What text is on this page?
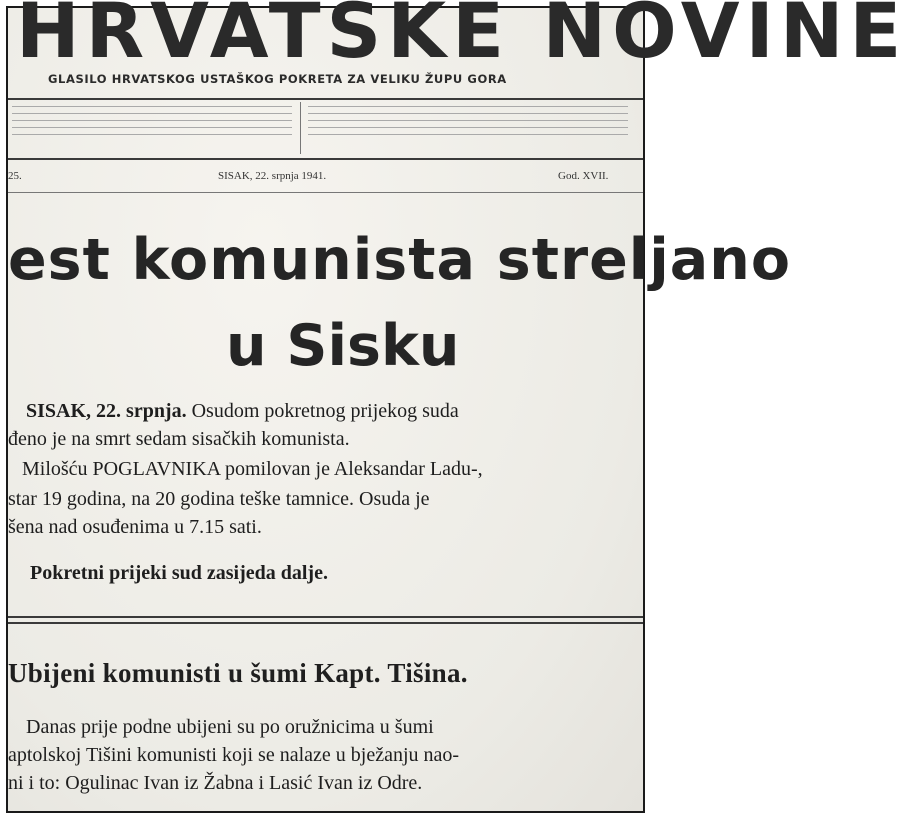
HRVATSKE NOVINE
GLASILO HRVATSKOG USTAŠKOG POKRETA ZA VELIKU ŽUPU GORA
25.	SISAK, 22. srpnja 1941.	God. XVII.
est komunista streljano
u Sisku
SISAK, 22. srpnja. Osudom pokretnog prijekog suda
đeno je na smrt sedam sisačkih komunista.
Milošću POGLAVNIKA pomilovan je Aleksandar Ladu-,
star 19 godina, na 20 godina teške tamnice. Osuda je
šena nad osuđenima u 7.15 sati.
Pokretni prijeki sud zasijeda dalje.
Ubijeni komunisti u šumi Kapt. Tišina.
Danas prije podne ubijeni su po oružnicima u šumi
aptolskoj Tišini komunisti koji se nalaze u bježanju nao-
ni i to: Ogulinac Ivan iz Žabna i Lasić Ivan iz Odre.
